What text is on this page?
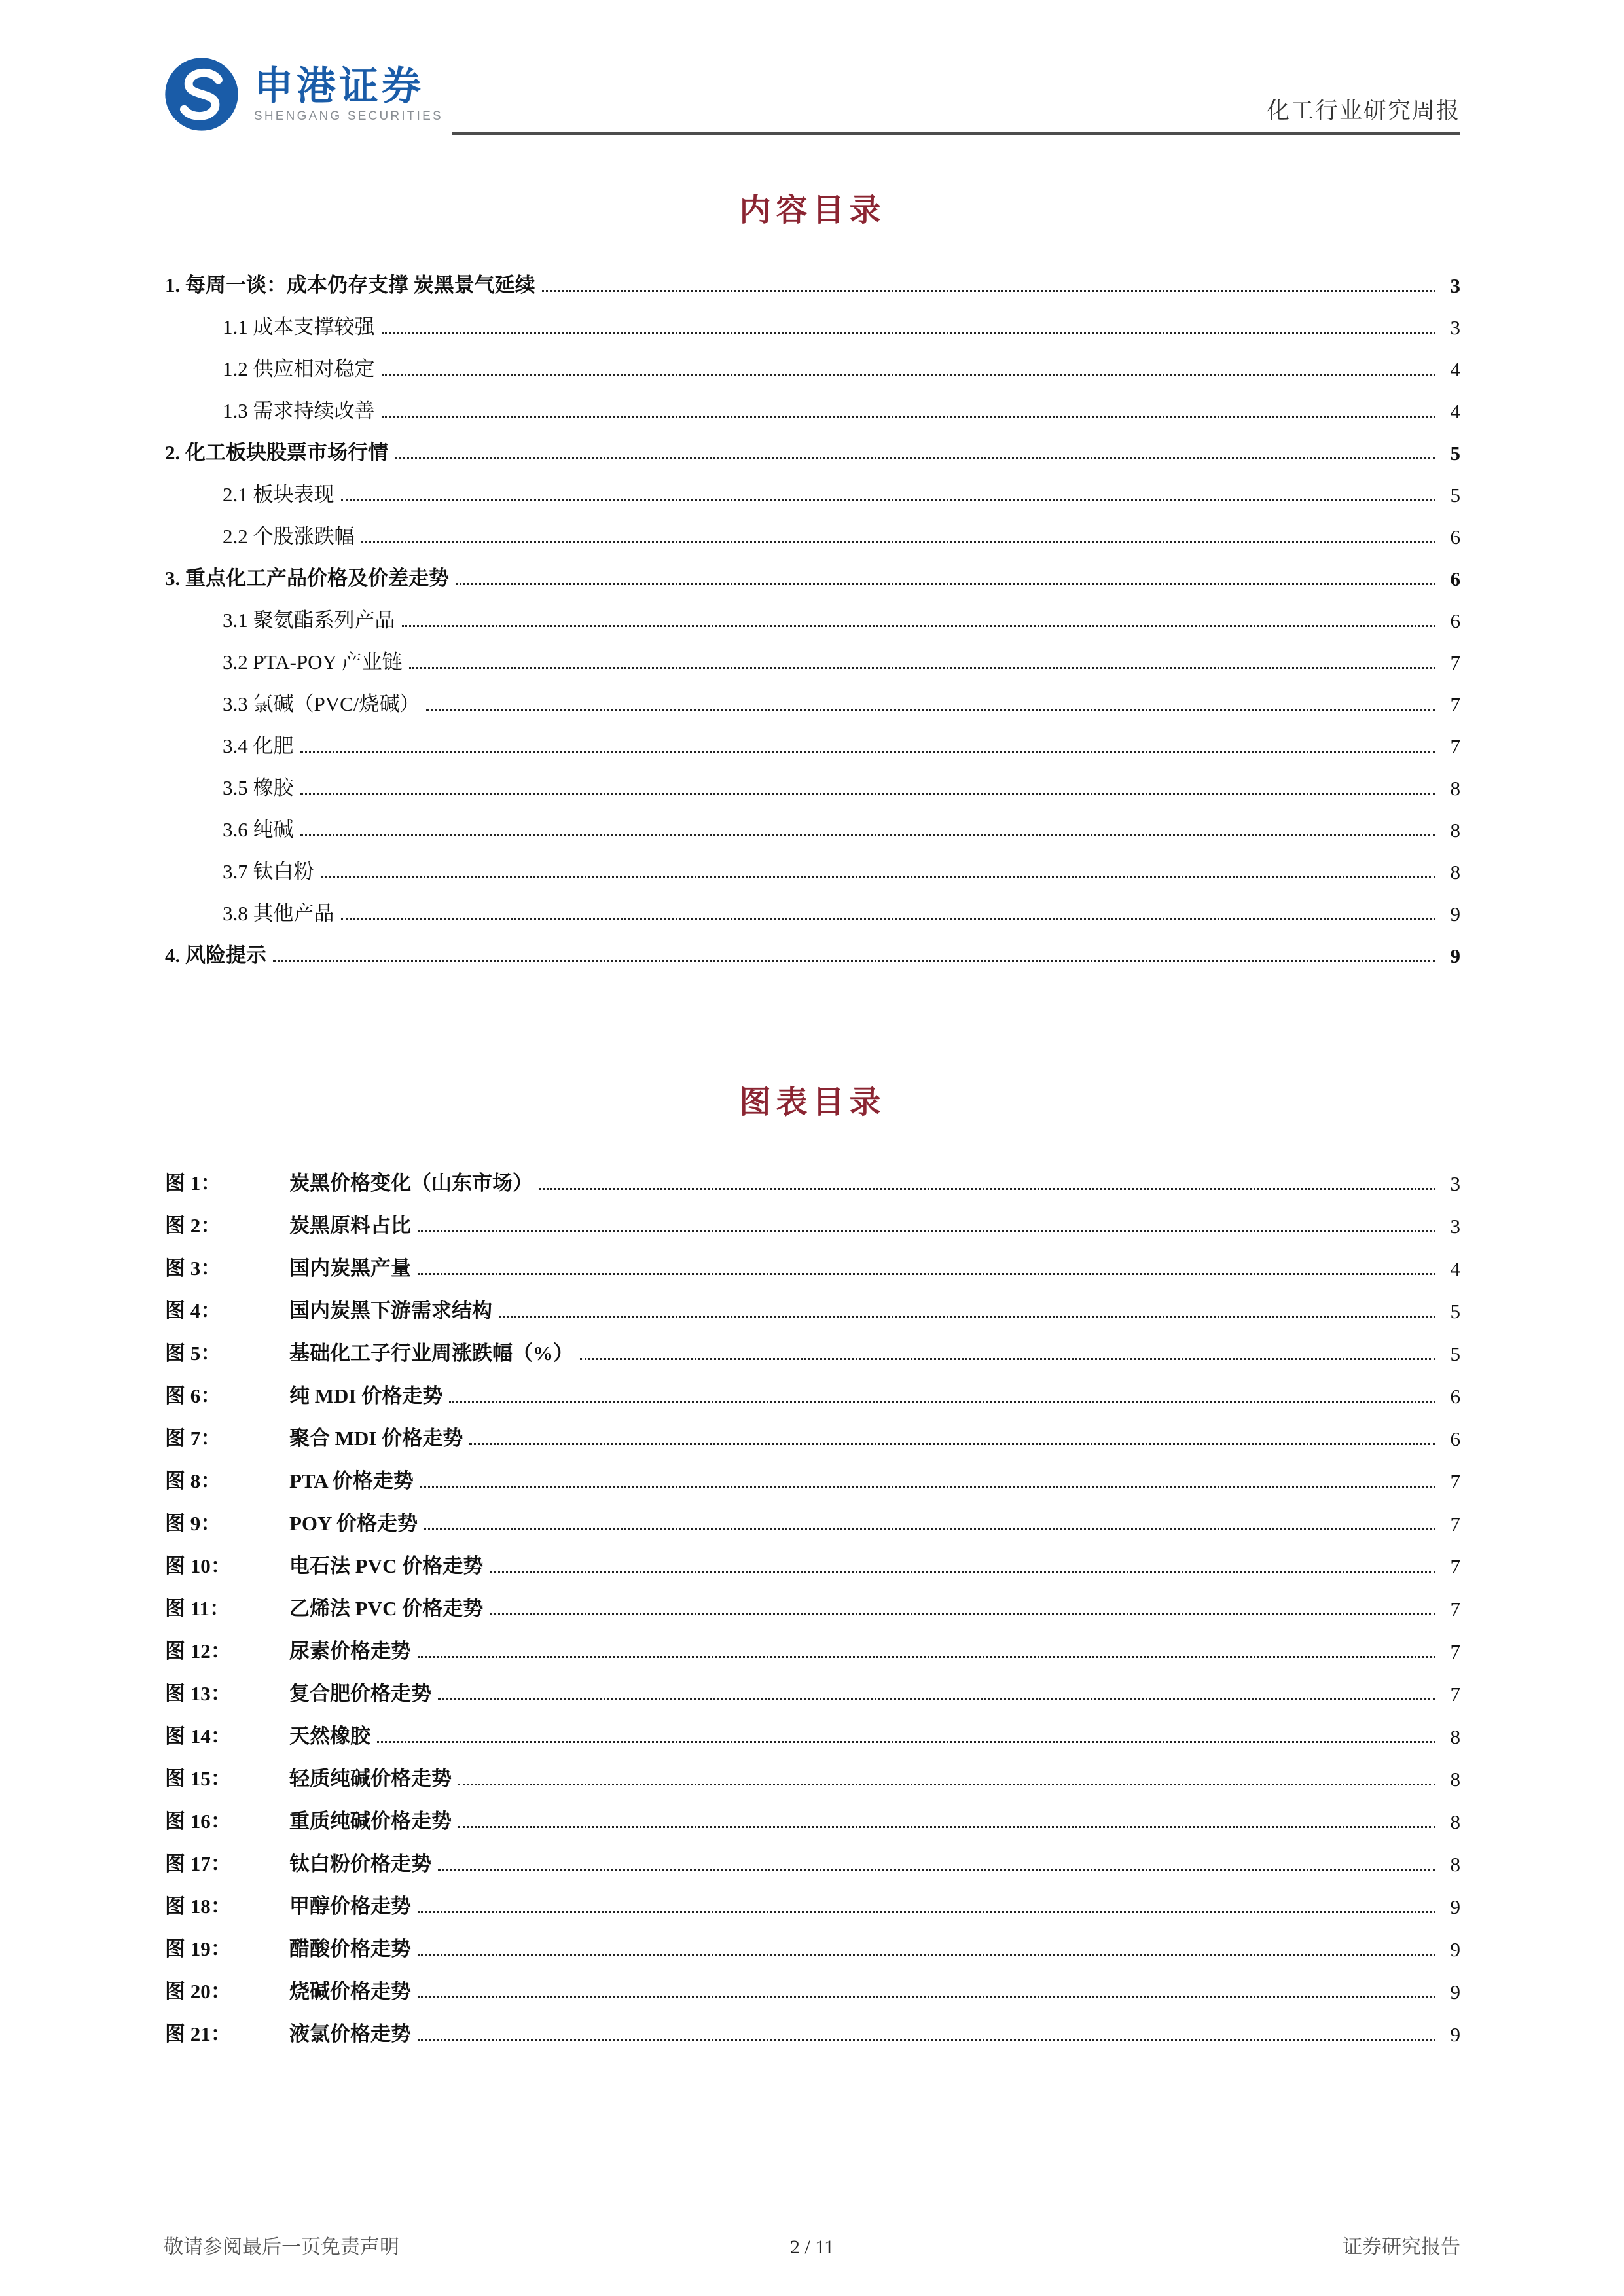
申港证券
SHENGANG SECURITIES	化工行业研究周报
内容目录
1. 每周一谈：成本仍存支撑 炭黑景气延续	3
1.1 成本支撑较强	3
1.2 供应相对稳定	4
1.3 需求持续改善	4
2. 化工板块股票市场行情	5
2.1 板块表现	5
2.2 个股涨跌幅	6
3. 重点化工产品价格及价差走势	6
3.1 聚氨酯系列产品	6
3.2 PTA-POY 产业链	7
3.3 氯碱（PVC/烧碱）	7
3.4 化肥	7
3.5 橡胶	8
3.6 纯碱	8
3.7 钛白粉	8
3.8 其他产品	9
4. 风险提示	9
图表目录
图 1：	炭黑价格变化（山东市场）	3
图 2：	炭黑原料占比	3
图 3：	国内炭黑产量	4
图 4：	国内炭黑下游需求结构	5
图 5：	基础化工子行业周涨跌幅（%）	5
图 6：	纯 MDI 价格走势	6
图 7：	聚合 MDI 价格走势	6
图 8：	PTA 价格走势	7
图 9：	POY 价格走势	7
图 10：	电石法 PVC 价格走势	7
图 11：	乙烯法 PVC 价格走势	7
图 12：	尿素价格走势	7
图 13：	复合肥价格走势	7
图 14：	天然橡胶	8
图 15：	轻质纯碱价格走势	8
图 16：	重质纯碱价格走势	8
图 17：	钛白粉价格走势	8
图 18：	甲醇价格走势	9
图 19：	醋酸价格走势	9
图 20：	烧碱价格走势	9
图 21：	液氯价格走势	9
敬请参阅最后一页免责声明	2 / 11	证券研究报告
